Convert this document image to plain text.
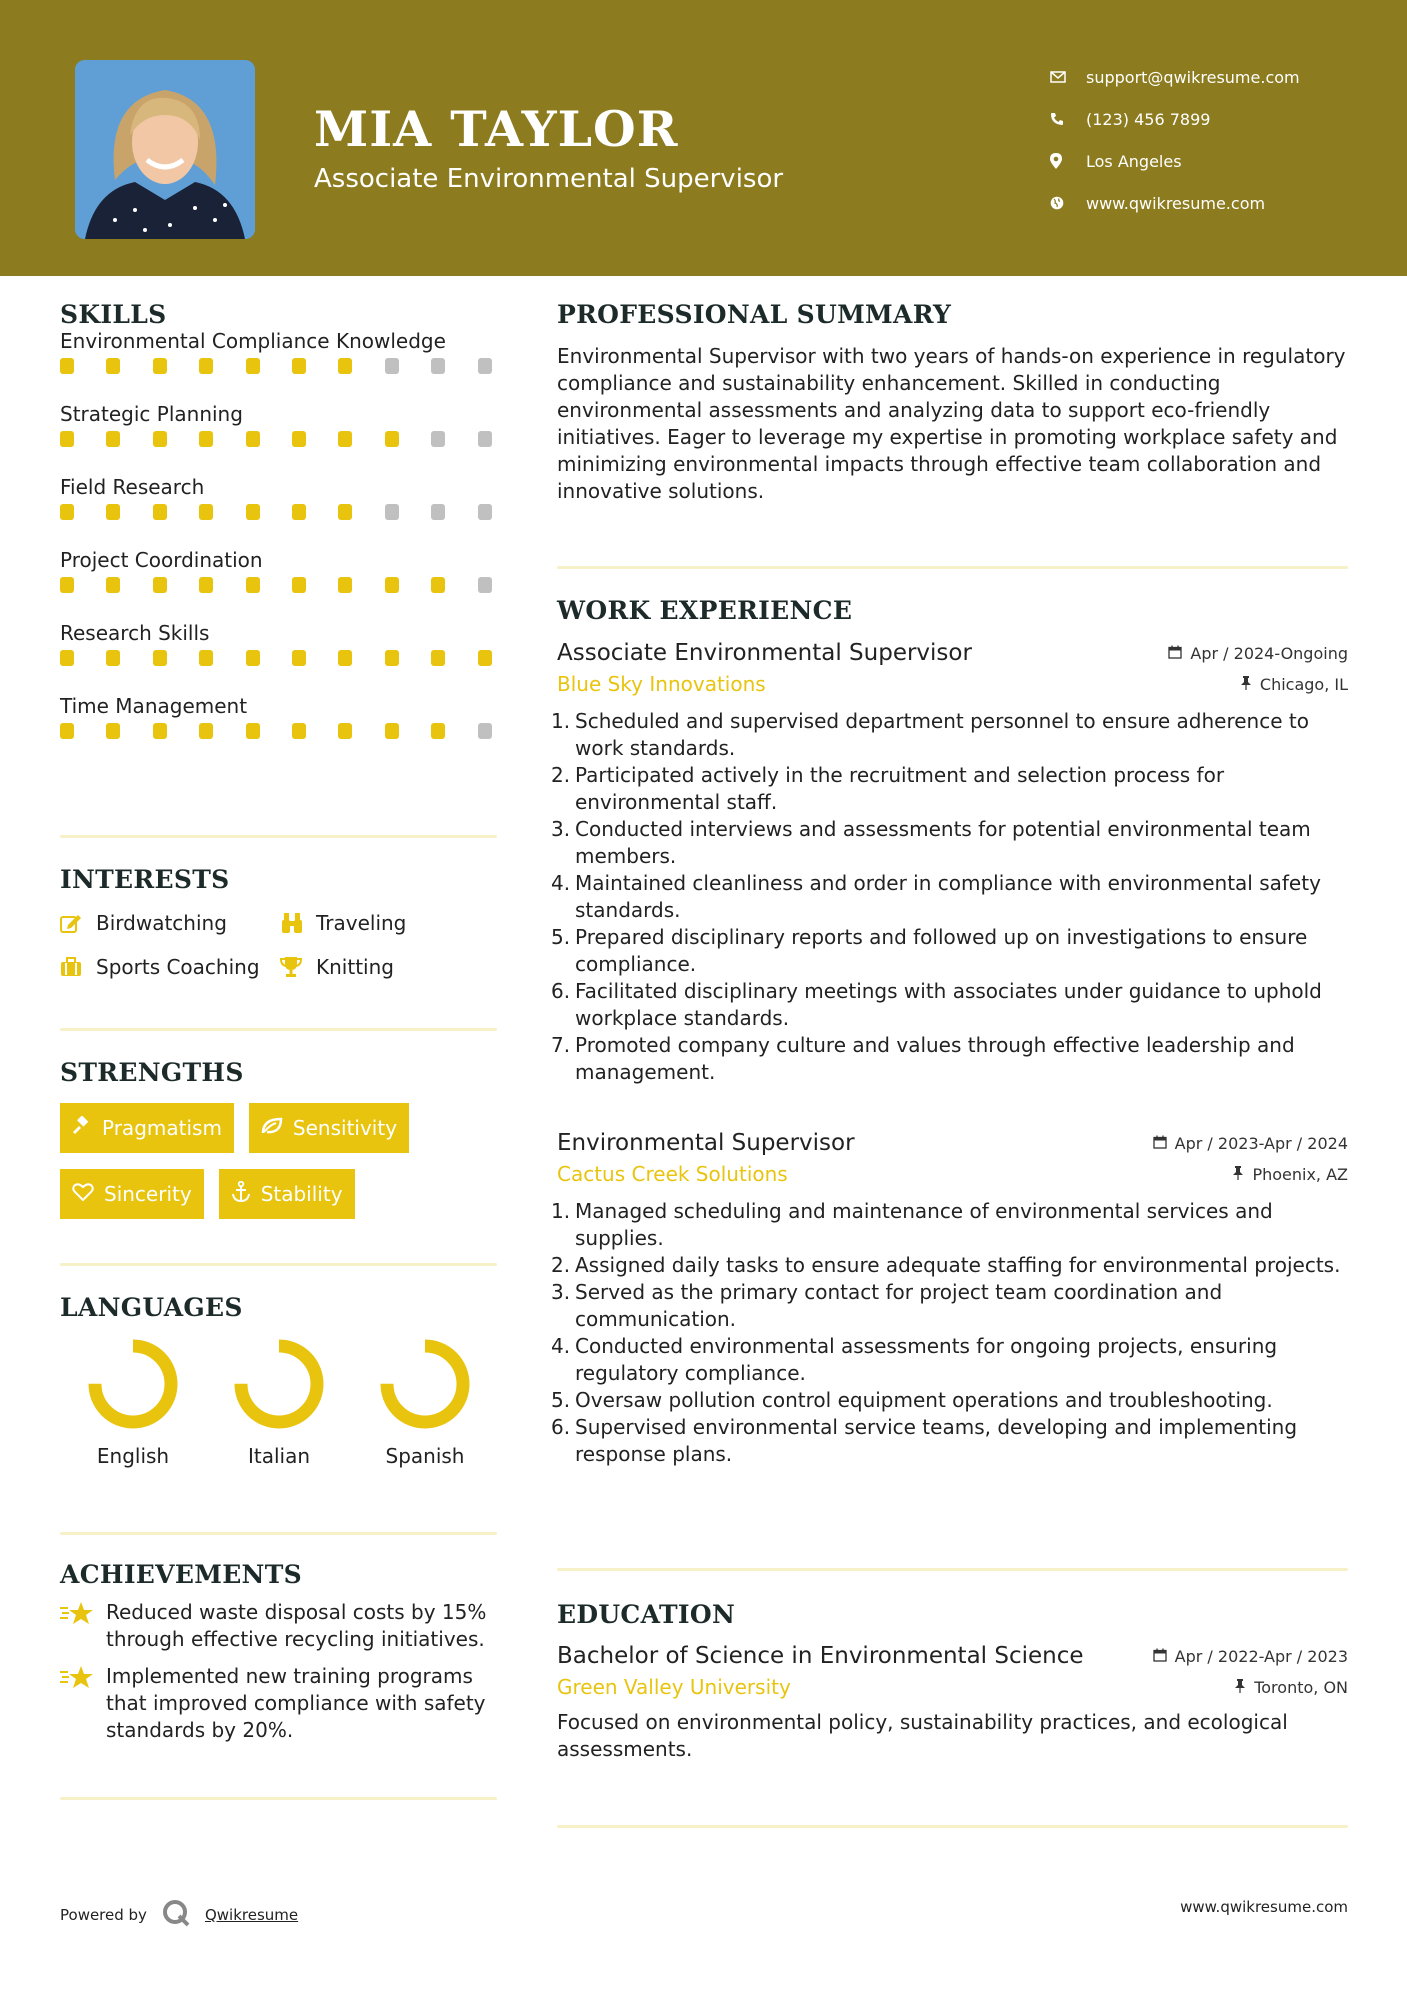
MIA TAYLOR
Associate Environmental Supervisor
support@qwikresume.com
(123) 456 7899
Los Angeles
www.qwikresume.com
SKILLS
Environmental Compliance Knowledge
Strategic Planning
Field Research
Project Coordination
Research Skills
Time Management
INTERESTS
Birdwatching	Traveling
Sports Coaching	Knitting
STRENGTHS
Pragmatism	Sensitivity
Sincerity	Stability
LANGUAGES
English	Italian	Spanish
ACHIEVEMENTS
Reduced waste disposal costs by 15% through effective recycling initiatives.
Implemented new training programs that improved compliance with safety standards by 20%.
PROFESSIONAL SUMMARY
Environmental Supervisor with two years of hands-on experience in regulatory compliance and sustainability enhancement. Skilled in conducting environmental assessments and analyzing data to support eco-friendly initiatives. Eager to leverage my expertise in promoting workplace safety and minimizing environmental impacts through effective team collaboration and innovative solutions.
WORK EXPERIENCE
Associate Environmental Supervisor	Apr / 2024-Ongoing
Blue Sky Innovations	Chicago, IL
1. Scheduled and supervised department personnel to ensure adherence to work standards.
2. Participated actively in the recruitment and selection process for environmental staff.
3. Conducted interviews and assessments for potential environmental team members.
4. Maintained cleanliness and order in compliance with environmental safety standards.
5. Prepared disciplinary reports and followed up on investigations to ensure compliance.
6. Facilitated disciplinary meetings with associates under guidance to uphold workplace standards.
7. Promoted company culture and values through effective leadership and management.
Environmental Supervisor	Apr / 2023-Apr / 2024
Cactus Creek Solutions	Phoenix, AZ
1. Managed scheduling and maintenance of environmental services and supplies.
2. Assigned daily tasks to ensure adequate staffing for environmental projects.
3. Served as the primary contact for project team coordination and communication.
4. Conducted environmental assessments for ongoing projects, ensuring regulatory compliance.
5. Oversaw pollution control equipment operations and troubleshooting.
6. Supervised environmental service teams, developing and implementing response plans.
EDUCATION
Bachelor of Science in Environmental Science	Apr / 2022-Apr / 2023
Green Valley University	Toronto, ON
Focused on environmental policy, sustainability practices, and ecological assessments.
Powered by	Qwikresume	www.qwikresume.com
